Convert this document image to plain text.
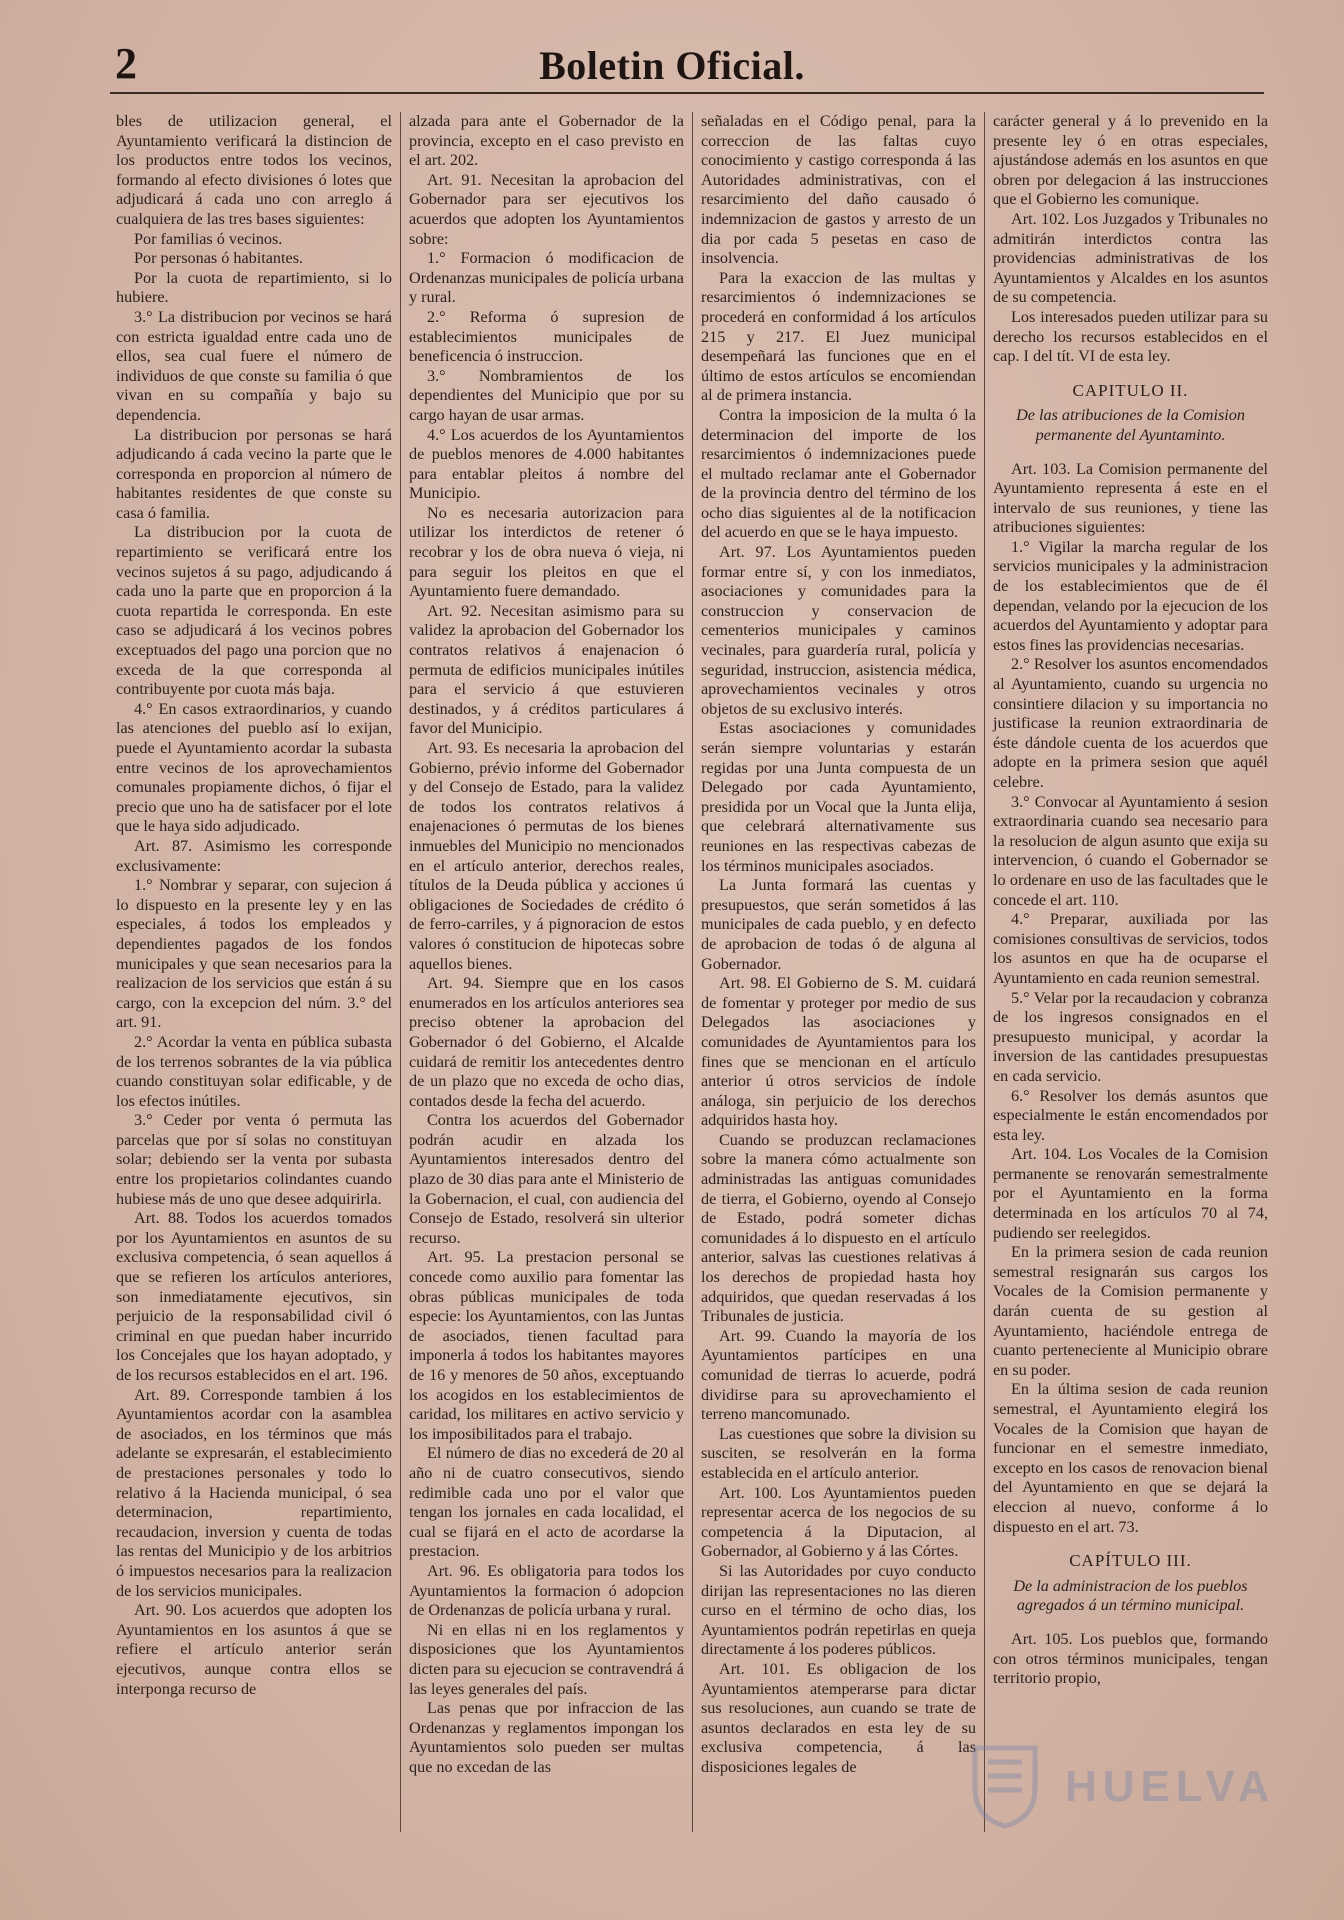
2	Boletin Oficial.

bles de utilizacion general, el Ayuntamiento verificará la distincion de los productos entre todos los vecinos, formando al efecto divisiones ó lotes que adjudicará á cada uno con arreglo á cualquiera de las tres bases siguientes:

Por familias ó vecinos.

Por personas ó habitantes.

Por la cuota de repartimiento, si lo hubiere.

3.° La distribucion por vecinos se hará con estricta igualdad entre cada uno de ellos, sea cual fuere el número de individuos de que conste su familia ó que vivan en su compañía y bajo su dependencia.

La distribucion por personas se hará adjudicando á cada vecino la parte que le corresponda en proporcion al número de habitantes residentes de que conste su casa ó familia.

La distribucion por la cuota de repartimiento se verificará entre los vecinos sujetos á su pago, adjudicando á cada uno la parte que en proporcion á la cuota repartida le corresponda. En este caso se adjudicará á los vecinos pobres exceptuados del pago una porcion que no exceda de la que corresponda al contribuyente por cuota más baja.

4.° En casos extraordinarios, y cuando las atenciones del pueblo así lo exijan, puede el Ayuntamiento acordar la subasta entre vecinos de los aprovechamientos comunales propiamente dichos, ó fijar el precio que uno ha de satisfacer por el lote que le haya sido adjudicado.

Art. 87. Asimismo les corresponde exclusivamente:

1.° Nombrar y separar, con sujecion á lo dispuesto en la presente ley y en las especiales, á todos los empleados y dependientes pagados de los fondos municipales y que sean necesarios para la realizacion de los servicios que están á su cargo, con la excepcion del núm. 3.° del art. 91.

2.° Acordar la venta en pública subasta de los terrenos sobrantes de la via pública cuando constituyan solar edificable, y de los efectos inútiles.

3.° Ceder por venta ó permuta las parcelas que por sí solas no constituyan solar; debiendo ser la venta por subasta entre los propietarios colindantes cuando hubiese más de uno que desee adquirirla.

Art. 88. Todos los acuerdos tomados por los Ayuntamientos en asuntos de su exclusiva competencia, ó sean aquellos á que se refieren los artículos anteriores, son inmediatamente ejecutivos, sin perjuicio de la responsabilidad civil ó criminal en que puedan haber incurrido los Concejales que los hayan adoptado, y de los recursos establecidos en el art. 196.

Art. 89. Corresponde tambien á los Ayuntamientos acordar con la asamblea de asociados, en los términos que más adelante se expresarán, el establecimiento de prestaciones personales y todo lo relativo á la Hacienda municipal, ó sea determinacion, repartimiento, recaudacion, inversion y cuenta de todas las rentas del Municipio y de los arbitrios ó impuestos necesarios para la realizacion de los servicios municipales.

Art. 90. Los acuerdos que adopten los Ayuntamientos en los asuntos á que se refiere el artículo anterior serán ejecutivos, aunque contra ellos se interponga recurso de

alzada para ante el Gobernador de la provincia, excepto en el caso previsto en el art. 202.

Art. 91. Necesitan la aprobacion del Gobernador para ser ejecutivos los acuerdos que adopten los Ayuntamientos sobre:

1.° Formacion ó modificacion de Ordenanzas municipales de policía urbana y rural.

2.° Reforma ó supresion de establecimientos municipales de beneficencia ó instruccion.

3.° Nombramientos de los dependientes del Municipio que por su cargo hayan de usar armas.

4.° Los acuerdos de los Ayuntamientos de pueblos menores de 4.000 habitantes para entablar pleitos á nombre del Municipio.

No es necesaria autorizacion para utilizar los interdictos de retener ó recobrar y los de obra nueva ó vieja, ni para seguir los pleitos en que el Ayuntamiento fuere demandado.

Art. 92. Necesitan asimismo para su validez la aprobacion del Gobernador los contratos relativos á enajenacion ó permuta de edificios municipales inútiles para el servicio á que estuvieren destinados, y á créditos particulares á favor del Municipio.

Art. 93. Es necesaria la aprobacion del Gobierno, prévio informe del Gobernador y del Consejo de Estado, para la validez de todos los contratos relativos á enajenaciones ó permutas de los bienes inmuebles del Municipio no mencionados en el artículo anterior, derechos reales, títulos de la Deuda pública y acciones ú obligaciones de Sociedades de crédito ó de ferro-carriles, y á pignoracion de estos valores ó constitucion de hipotecas sobre aquellos bienes.

Art. 94. Siempre que en los casos enumerados en los artículos anteriores sea preciso obtener la aprobacion del Gobernador ó del Gobierno, el Alcalde cuidará de remitir los antecedentes dentro de un plazo que no exceda de ocho dias, contados desde la fecha del acuerdo.

Contra los acuerdos del Gobernador podrán acudir en alzada los Ayuntamientos interesados dentro del plazo de 30 dias para ante el Ministerio de la Gobernacion, el cual, con audiencia del Consejo de Estado, resolverá sin ulterior recurso.

Art. 95. La prestacion personal se concede como auxilio para fomentar las obras públicas municipales de toda especie: los Ayuntamientos, con las Juntas de asociados, tienen facultad para imponerla á todos los habitantes mayores de 16 y menores de 50 años, exceptuando los acogidos en los establecimientos de caridad, los militares en activo servicio y los imposibilitados para el trabajo.

El número de dias no excederá de 20 al año ni de cuatro consecutivos, siendo redimible cada uno por el valor que tengan los jornales en cada localidad, el cual se fijará en el acto de acordarse la prestacion.

Art. 96. Es obligatoria para todos los Ayuntamientos la formacion ó adopcion de Ordenanzas de policía urbana y rural.

Ni en ellas ni en los reglamentos y disposiciones que los Ayuntamientos dicten para su ejecucion se contravendrá á las leyes generales del país.

Las penas que por infraccion de las Ordenanzas y reglamentos impongan los Ayuntamientos solo pueden ser multas que no excedan de las

señaladas en el Código penal, para la correccion de las faltas cuyo conocimiento y castigo corresponda á las Autoridades administrativas, con el resarcimiento del daño causado ó indemnizacion de gastos y arresto de un dia por cada 5 pesetas en caso de insolvencia.

Para la exaccion de las multas y resarcimientos ó indemnizaciones se procederá en conformidad á los artículos 215 y 217. El Juez municipal desempeñará las funciones que en el último de estos artículos se encomiendan al de primera instancia.

Contra la imposicion de la multa ó la determinacion del importe de los resarcimientos ó indemnizaciones puede el multado reclamar ante el Gobernador de la provincia dentro del término de los ocho dias siguientes al de la notificacion del acuerdo en que se le haya impuesto.

Art. 97. Los Ayuntamientos pueden formar entre sí, y con los inmediatos, asociaciones y comunidades para la construccion y conservacion de cementerios municipales y caminos vecinales, para guardería rural, policía y seguridad, instruccion, asistencia médica, aprovechamientos vecinales y otros objetos de su exclusivo interés.

Estas asociaciones y comunidades serán siempre voluntarias y estarán regidas por una Junta compuesta de un Delegado por cada Ayuntamiento, presidida por un Vocal que la Junta elija, que celebrará alternativamente sus reuniones en las respectivas cabezas de los términos municipales asociados.

La Junta formará las cuentas y presupuestos, que serán sometidos á las municipales de cada pueblo, y en defecto de aprobacion de todas ó de alguna al Gobernador.

Art. 98. El Gobierno de S. M. cuidará de fomentar y proteger por medio de sus Delegados las asociaciones y comunidades de Ayuntamientos para los fines que se mencionan en el artículo anterior ú otros servicios de índole análoga, sin perjuicio de los derechos adquiridos hasta hoy.

Cuando se produzcan reclamaciones sobre la manera cómo actualmente son administradas las antiguas comunidades de tierra, el Gobierno, oyendo al Consejo de Estado, podrá someter dichas comunidades á lo dispuesto en el artículo anterior, salvas las cuestiones relativas á los derechos de propiedad hasta hoy adquiridos, que quedan reservadas á los Tribunales de justicia.

Art. 99. Cuando la mayoría de los Ayuntamientos partícipes en una comunidad de tierras lo acuerde, podrá dividirse para su aprovechamiento el terreno mancomunado.

Las cuestiones que sobre la division su susciten, se resolverán en la forma establecida en el artículo anterior.

Art. 100. Los Ayuntamientos pueden representar acerca de los negocios de su competencia á la Diputacion, al Gobernador, al Gobierno y á las Córtes.

Si las Autoridades por cuyo conducto dirijan las representaciones no las dieren curso en el término de ocho dias, los Ayuntamientos podrán repetirlas en queja directamente á los poderes públicos.

Art. 101. Es obligacion de los Ayuntamientos atemperarse para dictar sus resoluciones, aun cuando se trate de asuntos declarados en esta ley de su exclusiva competencia, á las disposiciones legales de

carácter general y á lo prevenido en la presente ley ó en otras especiales, ajustándose además en los asuntos en que obren por delegacion á las instrucciones que el Gobierno les comunique.

Art. 102. Los Juzgados y Tribunales no admitirán interdictos contra las providencias administrativas de los Ayuntamientos y Alcaldes en los asuntos de su competencia.

Los interesados pueden utilizar para su derecho los recursos establecidos en el cap. I del tít. VI de esta ley.

CAPITULO II.

De las atribuciones de la Comision permanente del Ayuntaminto.

Art. 103. La Comision permanente del Ayuntamiento representa á este en el intervalo de sus reuniones, y tiene las atribuciones siguientes:

1.° Vigilar la marcha regular de los servicios municipales y la administracion de los establecimientos que de él dependan, velando por la ejecucion de los acuerdos del Ayuntamiento y adoptar para estos fines las providencias necesarias.

2.° Resolver los asuntos encomendados al Ayuntamiento, cuando su urgencia no consintiere dilacion y su importancia no justificase la reunion extraordinaria de éste dándole cuenta de los acuerdos que adopte en la primera sesion que aquél celebre.

3.° Convocar al Ayuntamiento á sesion extraordinaria cuando sea necesario para la resolucion de algun asunto que exija su intervencion, ó cuando el Gobernador se lo ordenare en uso de las facultades que le concede el art. 110.

4.° Preparar, auxiliada por las comisiones consultivas de servicios, todos los asuntos en que ha de ocuparse el Ayuntamiento en cada reunion semestral.

5.° Velar por la recaudacion y cobranza de los ingresos consignados en el presupuesto municipal, y acordar la inversion de las cantidades presupuestas en cada servicio.

6.° Resolver los demás asuntos que especialmente le están encomendados por esta ley.

Art. 104. Los Vocales de la Comision permanente se renovarán semestralmente por el Ayuntamiento en la forma determinada en los artículos 70 al 74, pudiendo ser reelegidos.

En la primera sesion de cada reunion semestral resignarán sus cargos los Vocales de la Comision permanente y darán cuenta de su gestion al Ayuntamiento, haciéndole entrega de cuanto perteneciente al Municipio obrare en su poder.

En la última sesion de cada reunion semestral, el Ayuntamiento elegirá los Vocales de la Comision que hayan de funcionar en el semestre inmediato, excepto en los casos de renovacion bienal del Ayuntamiento en que se dejará la eleccion al nuevo, conforme á lo dispuesto en el art. 73.

CAPÍTULO III.

De la administracion de los pueblos agregados á un término municipal.

Art. 105. Los pueblos que, formando con otros términos municipales, tengan territorio propio,

HUELVA
